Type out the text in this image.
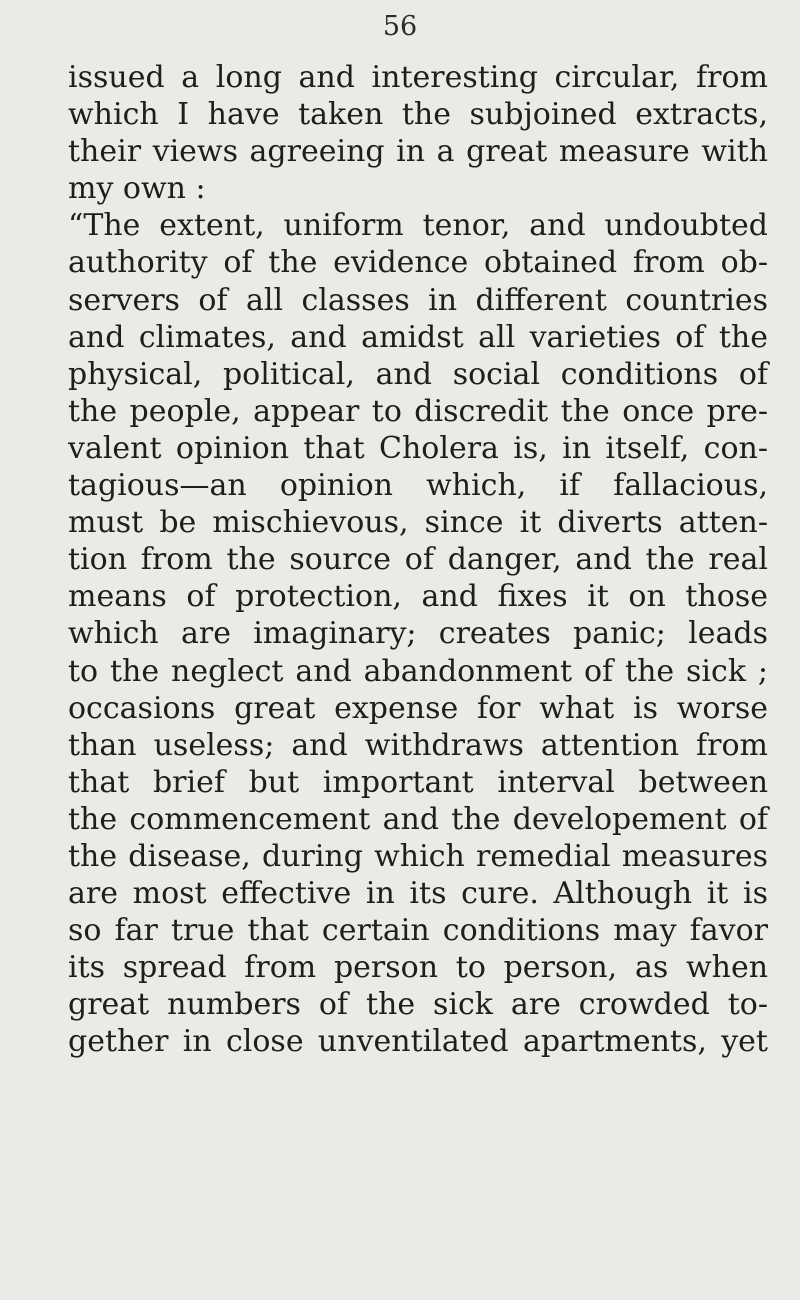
56
issued a long and interesting circular, from
which I have taken the subjoined extracts,
their views agreeing in a great measure with
my own :
“The extent, uniform tenor, and undoubted
authority of the evidence obtained from ob-
servers of all classes in different countries
and climates, and amidst all varieties of the
physical, political, and social conditions of
the people, appear to discredit the once pre-
valent opinion that Cholera is, in itself, con-
tagious—an opinion which, if fallacious,
must be mischievous, since it diverts atten-
tion from the source of danger, and the real
means of protection, and fixes it on those
which are imaginary; creates panic; leads
to the neglect and abandonment of the sick ;
occasions great expense for what is worse
than useless; and withdraws attention from
that brief but important interval between
the commencement and the developement of
the disease, during which remedial measures
are most effective in its cure. Although it is
so far true that certain conditions may favor
its spread from person to person, as when
great numbers of the sick are crowded to-
gether in close unventilated apartments, yet
